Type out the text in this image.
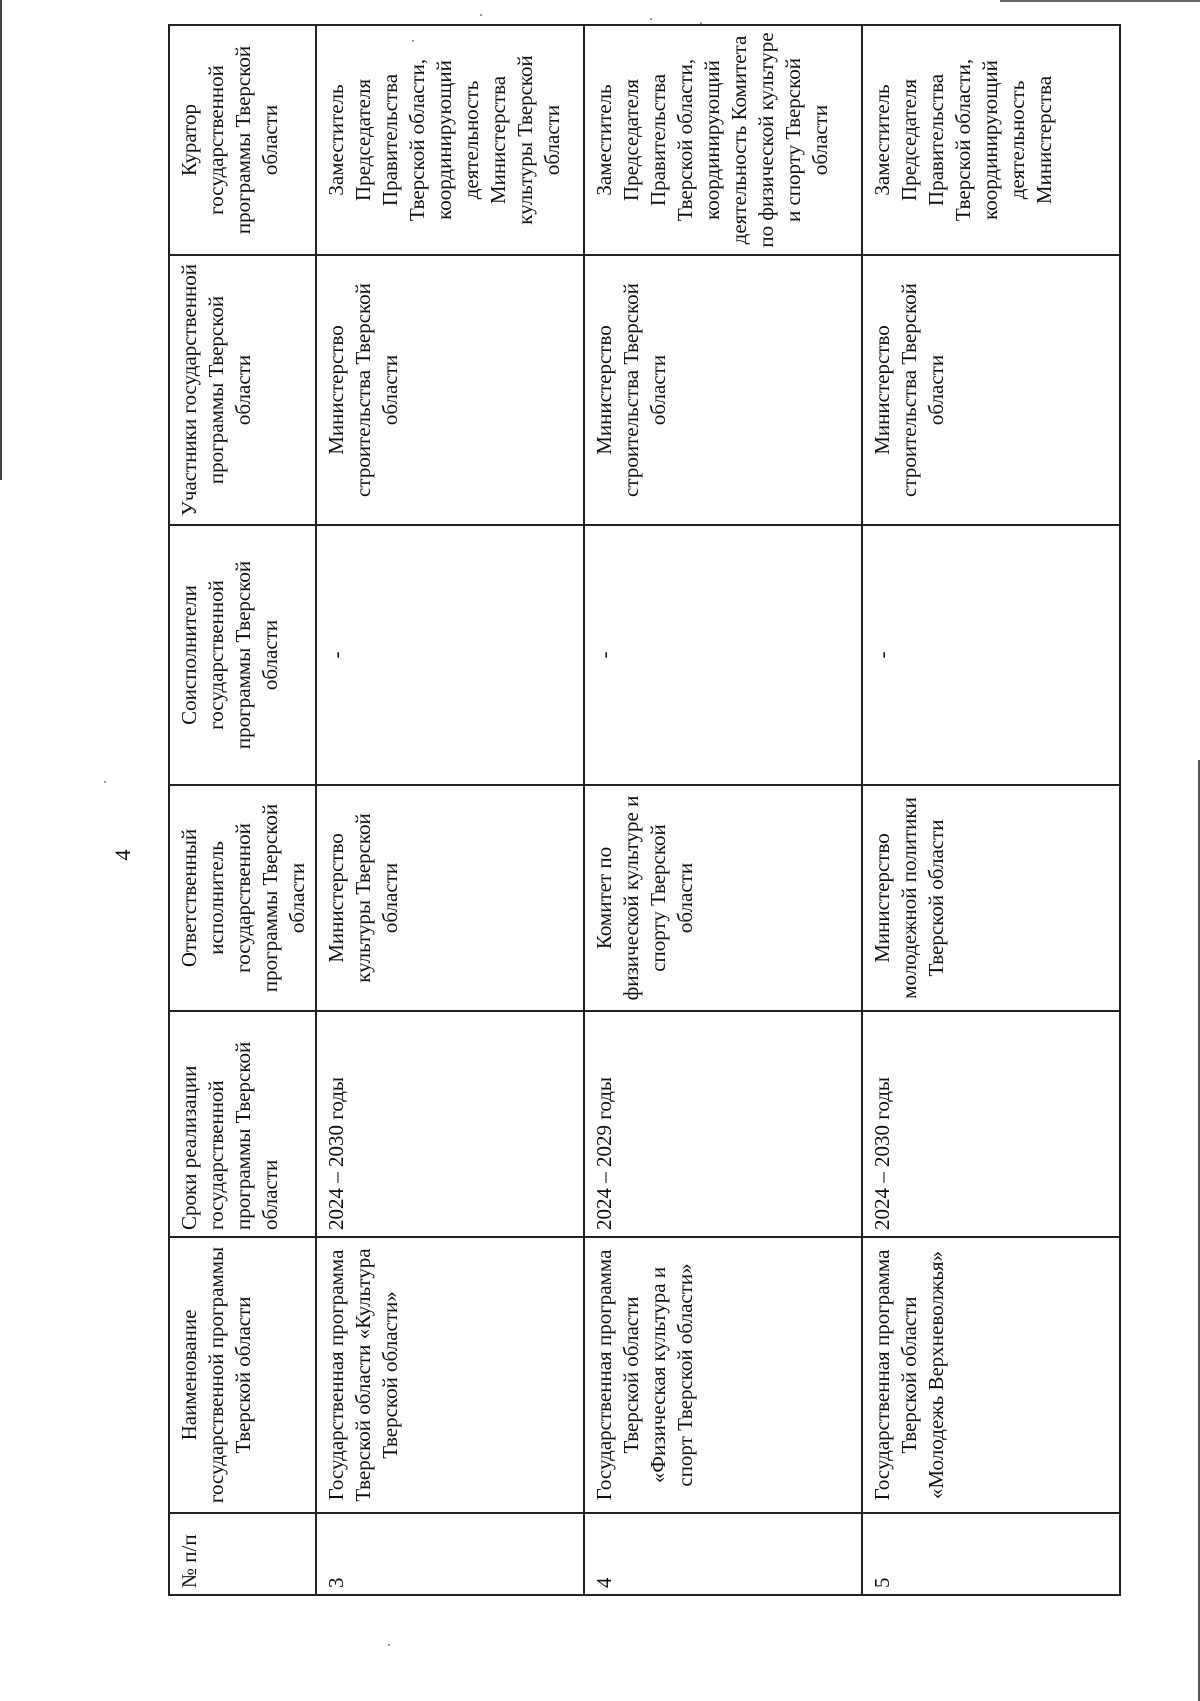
4
№ п/п	Наименование государственной программы Тверской области	Сроки реализации государственной программы Тверской области	Ответственный исполнитель государственной программы Тверской области	Соисполнители государственной программы Тверской области	Участники государственной программы Тверской области	Куратор государственной программы Тверской области
3	Государственная программа Тверской области «Культура Тверской области»	2024 – 2030 годы	Министерство культуры Тверской области	-	Министерство строительства Тверской области	Заместитель Председателя Правительства Тверской области, координирующий деятельность Министерства культуры Тверской области
4	Государственная программа Тверской области «Физическая культура и спорт Тверской области»	2024 – 2029 годы	Комитет по физической культуре и спорту Тверской области	-	Министерство строительства Тверской области	Заместитель Председателя Правительства Тверской области, координирующий деятельность Комитета по физической культуре и спорту Тверской области
5	Государственная программа Тверской области «Молодежь Верхневолжья»	2024 – 2030 годы	Министерство молодежной политики Тверской области	-	Министерство строительства Тверской области	Заместитель Председателя Правительства Тверской области, координирующий деятельность Министерства
